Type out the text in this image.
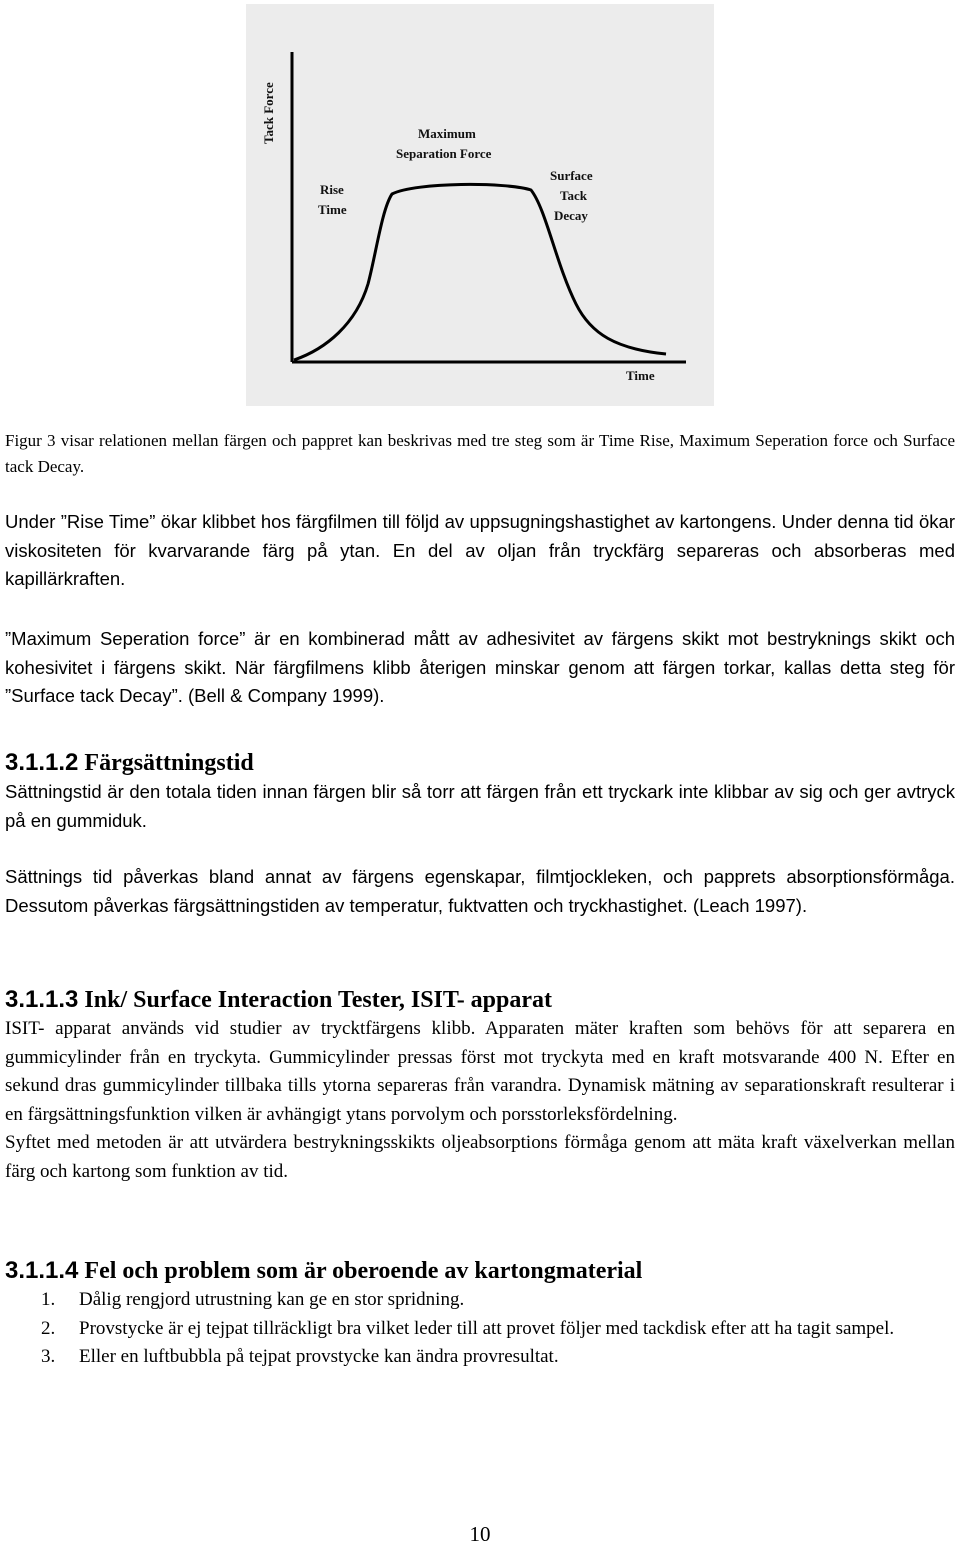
Tack Force
Time
Rise
Time
Maximum
Separation Force
Surface
Tack
Decay

Figur 3 visar relationen mellan färgen och pappret kan beskrivas med tre steg som är Time Rise, Maximum Seperation force och Surface tack Decay.

Under ”Rise Time” ökar klibbet hos färgfilmen till följd av uppsugningshastighet av kartongens. Under denna tid ökar viskositeten för kvarvarande färg på ytan. En del av oljan från tryckfärg separeras och absorberas med kapillärkraften.

”Maximum Seperation force” är en kombinerad mått av adhesivitet av färgens skikt mot bestryknings skikt och kohesivitet i färgens skikt. När färgfilmens klibb återigen minskar genom att färgen torkar, kallas detta steg för ”Surface tack Decay”. (Bell & Company 1999).

3.1.1.2 Färgsättningstid

Sättningstid är den totala tiden innan färgen blir så torr att färgen från ett tryckark inte klibbar av sig och ger avtryck på en gummiduk.

Sättnings tid påverkas bland annat av färgens egenskapar, filmtjockleken, och papprets absorptionsförmåga. Dessutom påverkas färgsättningstiden av temperatur, fuktvatten och tryckhastighet. (Leach 1997).

3.1.1.3 Ink/ Surface Interaction Tester, ISIT- apparat

ISIT- apparat används vid studier av trycktfärgens klibb. Apparaten mäter kraften som behövs för att separera en gummicylinder från en tryckyta. Gummicylinder pressas först mot tryckyta med en kraft motsvarande 400 N. Efter en sekund dras gummicylinder tillbaka tills ytorna separeras från varandra. Dynamisk mätning av separationskraft resulterar i en färgsättningsfunktion vilken är avhängigt ytans porvolym och porsstorleksfördelning.

Syftet med metoden är att utvärdera bestrykningsskikts oljeabsorptions förmåga genom att mäta kraft växelverkan mellan färg och kartong som funktion av tid.

3.1.1.4 Fel och problem som är oberoende av kartongmaterial
1. Dålig rengjord utrustning kan ge en stor spridning.
2. Provstycke är ej tejpat tillräckligt bra vilket leder till att provet följer med tackdisk efter att ha tagit sampel.
3. Eller en luftbubbla på tejpat provstycke kan ändra provresultat.
10
